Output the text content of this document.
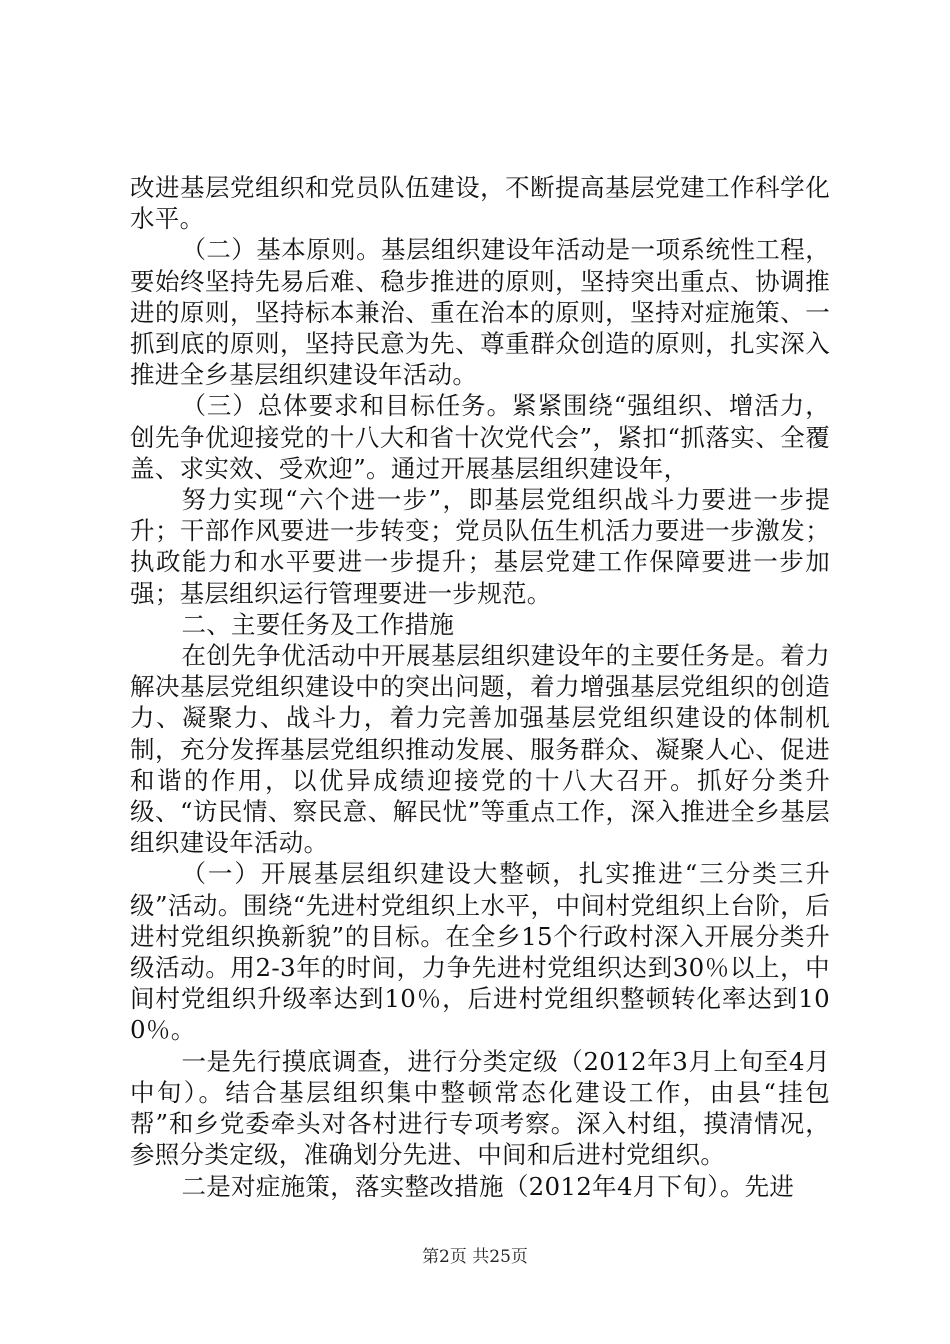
改进基层党组织和党员队伍建设，不断提高基层党建工作科学化水平。

（二）基本原则。基层组织建设年活动是一项系统性工程，要始终坚持先易后难、稳步推进的原则，坚持突出重点、协调推进的原则，坚持标本兼治、重在治本的原则，坚持对症施策、一抓到底的原则，坚持民意为先、尊重群众创造的原则，扎实深入推进全乡基层组织建设年活动。

（三）总体要求和目标任务。紧紧围绕“强组织、增活力，创先争优迎接党的十八大和省十次党代会”，紧扣“抓落实、全覆盖、求实效、受欢迎”。通过开展基层组织建设年，

努力实现“六个进一步”，即基层党组织战斗力要进一步提升；干部作风要进一步转变；党员队伍生机活力要进一步激发；执政能力和水平要进一步提升；基层党建工作保障要进一步加强；基层组织运行管理要进一步规范。

二、主要任务及工作措施

在创先争优活动中开展基层组织建设年的主要任务是。着力解决基层党组织建设中的突出问题，着力增强基层党组织的创造力、凝聚力、战斗力，着力完善加强基层党组织建设的体制机制，充分发挥基层党组织推动发展、服务群众、凝聚人心、促进和谐的作用，以优异成绩迎接党的十八大召开。抓好分类升级、“访民情、察民意、解民忧”等重点工作，深入推进全乡基层组织建设年活动。

（一）开展基层组织建设大整顿，扎实推进“三分类三升级”活动。围绕“先进村党组织上水平，中间村党组织上台阶，后进村党组织换新貌”的目标。在全乡15个行政村深入开展分类升级活动。用2-3年的时间，力争先进村党组织达到30％以上，中间村党组织升级率达到10％，后进村党组织整顿转化率达到100％。

一是先行摸底调查，进行分类定级（2012年3月上旬至4月中旬）。结合基层组织集中整顿常态化建设工作，由县“挂包帮”和乡党委牵头对各村进行专项考察。深入村组，摸清情况，参照分类定级，准确划分先进、中间和后进村党组织。

二是对症施策，落实整改措施（2012年4月下旬）。先进

第2页 共25页
